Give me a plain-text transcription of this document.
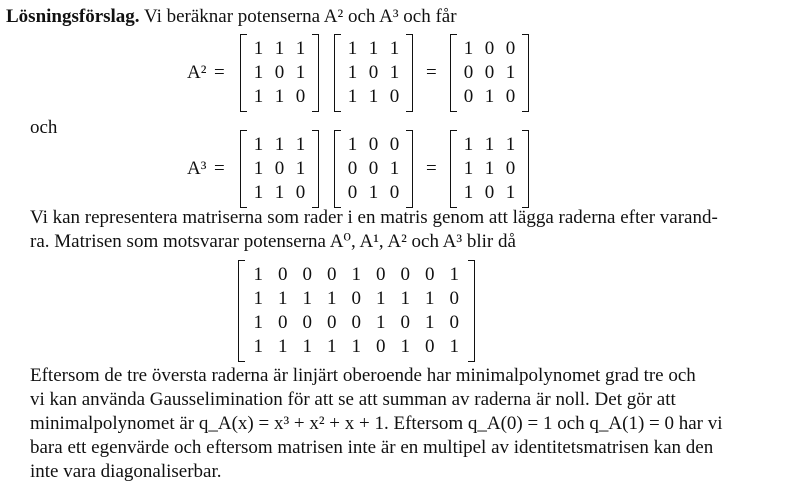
Lösningsförslag. Vi beräknar potenserna A² och A³ och får
A² =
1 1 1
1 0 1
1 1 0
1 1 1
1 0 1
1 1 0
=
1 0 0
0 0 1
0 1 0
och
A³ =
1 1 1
1 0 1
1 1 0
1 0 0
0 0 1
0 1 0
=
1 1 1
1 1 0
1 0 1
Vi kan representera matriserna som rader i en matris genom att lägga raderna efter varand-
ra. Matrisen som motsvarar potenserna A⁰, A¹, A² och A³ blir då
1 0 0 0 1 0 0 0 1
1 1 1 1 0 1 1 1 0
1 0 0 0 0 1 0 1 0
1 1 1 1 1 0 1 0 1
Eftersom de tre översta raderna är linjärt oberoende har minimalpolynomet grad tre och
vi kan använda Gausselimination för att se att summan av raderna är noll. Det gör att
minimalpolynomet är q_A(x) = x³ + x² + x + 1. Eftersom q_A(0) = 1 och q_A(1) = 0 har vi
bara ett egenvärde och eftersom matrisen inte är en multipel av identitetsmatrisen kan den
inte vara diagonaliserbar.
